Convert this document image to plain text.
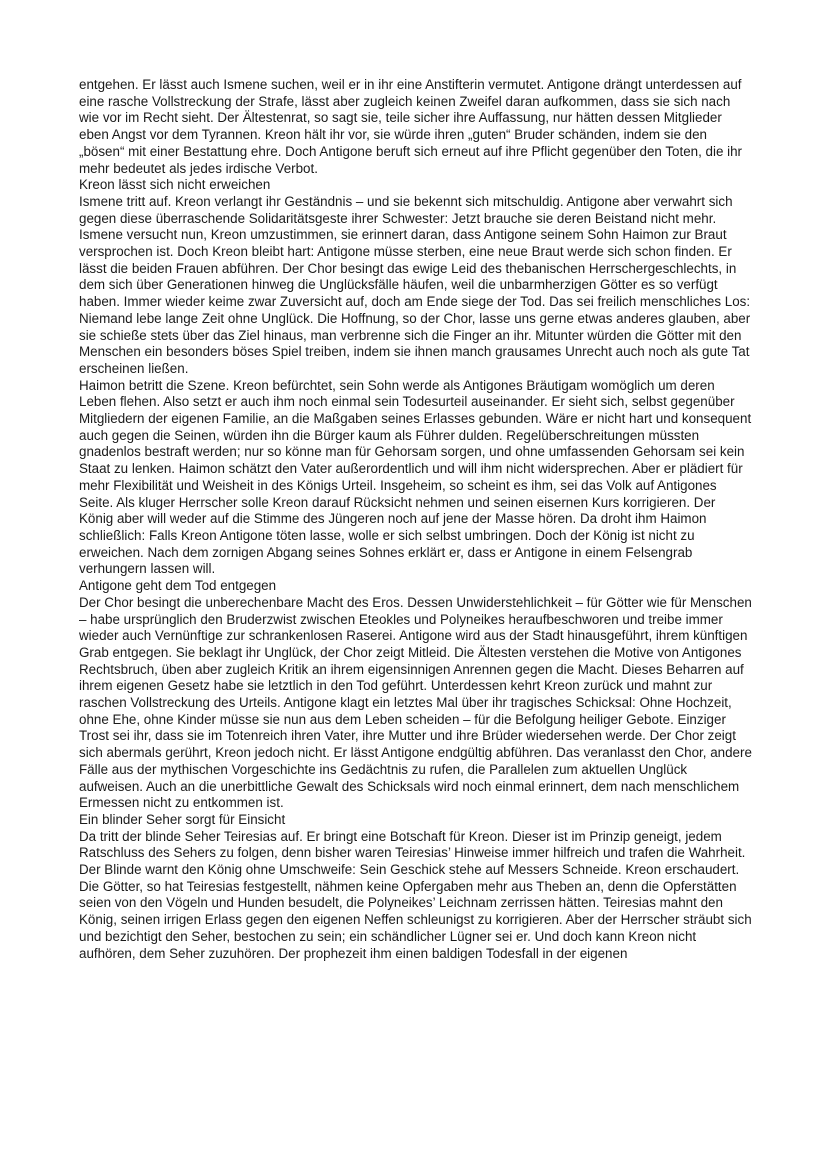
entgehen. Er lässt auch Ismene suchen, weil er in ihr eine Anstifterin vermutet. Antigone drängt unterdessen auf eine rasche Vollstreckung der Strafe, lässt aber zugleich keinen Zweifel daran aufkommen, dass sie sich nach wie vor im Recht sieht. Der Ältestenrat, so sagt sie, teile sicher ihre Auffassung, nur hätten dessen Mitglieder eben Angst vor dem Tyrannen. Kreon hält ihr vor, sie würde ihren „guten“ Bruder schänden, indem sie den „bösen“ mit einer Bestattung ehre. Doch Antigone beruft sich erneut auf ihre Pflicht gegenüber den Toten, die ihr mehr bedeutet als jedes irdische Verbot.
Kreon lässt sich nicht erweichen
Ismene tritt auf. Kreon verlangt ihr Geständnis – und sie bekennt sich mitschuldig. Antigone aber verwahrt sich gegen diese überraschende Solidaritätsgeste ihrer Schwester: Jetzt brauche sie deren Beistand nicht mehr. Ismene versucht nun, Kreon umzustimmen, sie erinnert daran, dass Antigone seinem Sohn Haimon zur Braut versprochen ist. Doch Kreon bleibt hart: Antigone müsse sterben, eine neue Braut werde sich schon finden. Er lässt die beiden Frauen abführen. Der Chor besingt das ewige Leid des thebanischen Herrschergeschlechts, in dem sich über Generationen hinweg die Unglücksfälle häufen, weil die unbarmherzigen Götter es so verfügt haben. Immer wieder keime zwar Zuversicht auf, doch am Ende siege der Tod. Das sei freilich menschliches Los: Niemand lebe lange Zeit ohne Unglück. Die Hoffnung, so der Chor, lasse uns gerne etwas anderes glauben, aber sie schieße stets über das Ziel hinaus, man verbrenne sich die Finger an ihr. Mitunter würden die Götter mit den Menschen ein besonders böses Spiel treiben, indem sie ihnen manch grausames Unrecht auch noch als gute Tat erscheinen ließen.
Haimon betritt die Szene. Kreon befürchtet, sein Sohn werde als Antigones Bräutigam womöglich um deren Leben flehen. Also setzt er auch ihm noch einmal sein Todesurteil auseinander. Er sieht sich, selbst gegenüber Mitgliedern der eigenen Familie, an die Maßgaben seines Erlasses gebunden. Wäre er nicht hart und konsequent auch gegen die Seinen, würden ihn die Bürger kaum als Führer dulden. Regelüberschreitungen müssten gnadenlos bestraft werden; nur so könne man für Gehorsam sorgen, und ohne umfassenden Gehorsam sei kein Staat zu lenken. Haimon schätzt den Vater außerordentlich und will ihm nicht widersprechen. Aber er plädiert für mehr Flexibilität und Weisheit in des Königs Urteil. Insgeheim, so scheint es ihm, sei das Volk auf Antigones Seite. Als kluger Herrscher solle Kreon darauf Rücksicht nehmen und seinen eisernen Kurs korrigieren. Der König aber will weder auf die Stimme des Jüngeren noch auf jene der Masse hören. Da droht ihm Haimon schließlich: Falls Kreon Antigone töten lasse, wolle er sich selbst umbringen. Doch der König ist nicht zu erweichen. Nach dem zornigen Abgang seines Sohnes erklärt er, dass er Antigone in einem Felsengrab verhungern lassen will.
Antigone geht dem Tod entgegen
Der Chor besingt die unberechenbare Macht des Eros. Dessen Unwiderstehlichkeit – für Götter wie für Menschen – habe ursprünglich den Bruderzwist zwischen Eteokles und Polyneikes heraufbeschworen und treibe immer wieder auch Vernünftige zur schrankenlosen Raserei. Antigone wird aus der Stadt hinausgeführt, ihrem künftigen Grab entgegen. Sie beklagt ihr Unglück, der Chor zeigt Mitleid. Die Ältesten verstehen die Motive von Antigones Rechtsbruch, üben aber zugleich Kritik an ihrem eigensinnigen Anrennen gegen die Macht. Dieses Beharren auf ihrem eigenen Gesetz habe sie letztlich in den Tod geführt. Unterdessen kehrt Kreon zurück und mahnt zur raschen Vollstreckung des Urteils. Antigone klagt ein letztes Mal über ihr tragisches Schicksal: Ohne Hochzeit, ohne Ehe, ohne Kinder müsse sie nun aus dem Leben scheiden – für die Befolgung heiliger Gebote. Einziger Trost sei ihr, dass sie im Totenreich ihren Vater, ihre Mutter und ihre Brüder wiedersehen werde. Der Chor zeigt sich abermals gerührt, Kreon jedoch nicht. Er lässt Antigone endgültig abführen. Das veranlasst den Chor, andere Fälle aus der mythischen Vorgeschichte ins Gedächtnis zu rufen, die Parallelen zum aktuellen Unglück aufweisen. Auch an die unerbittliche Gewalt des Schicksals wird noch einmal erinnert, dem nach menschlichem Ermessen nicht zu entkommen ist.
Ein blinder Seher sorgt für Einsicht
Da tritt der blinde Seher Teiresias auf. Er bringt eine Botschaft für Kreon. Dieser ist im Prinzip geneigt, jedem Ratschluss des Sehers zu folgen, denn bisher waren Teiresias’ Hinweise immer hilfreich und trafen die Wahrheit. Der Blinde warnt den König ohne Umschweife: Sein Geschick stehe auf Messers Schneide. Kreon erschaudert. Die Götter, so hat Teiresias festgestellt, nähmen keine Opfergaben mehr aus Theben an, denn die Opferstätten seien von den Vögeln und Hunden besudelt, die Polyneikes’ Leichnam zerrissen hätten. Teiresias mahnt den König, seinen irrigen Erlass gegen den eigenen Neffen schleunigst zu korrigieren. Aber der Herrscher sträubt sich und bezichtigt den Seher, bestochen zu sein; ein schändlicher Lügner sei er. Und doch kann Kreon nicht aufhören, dem Seher zuzuhören. Der prophezeit ihm einen baldigen Todesfall in der eigenen
